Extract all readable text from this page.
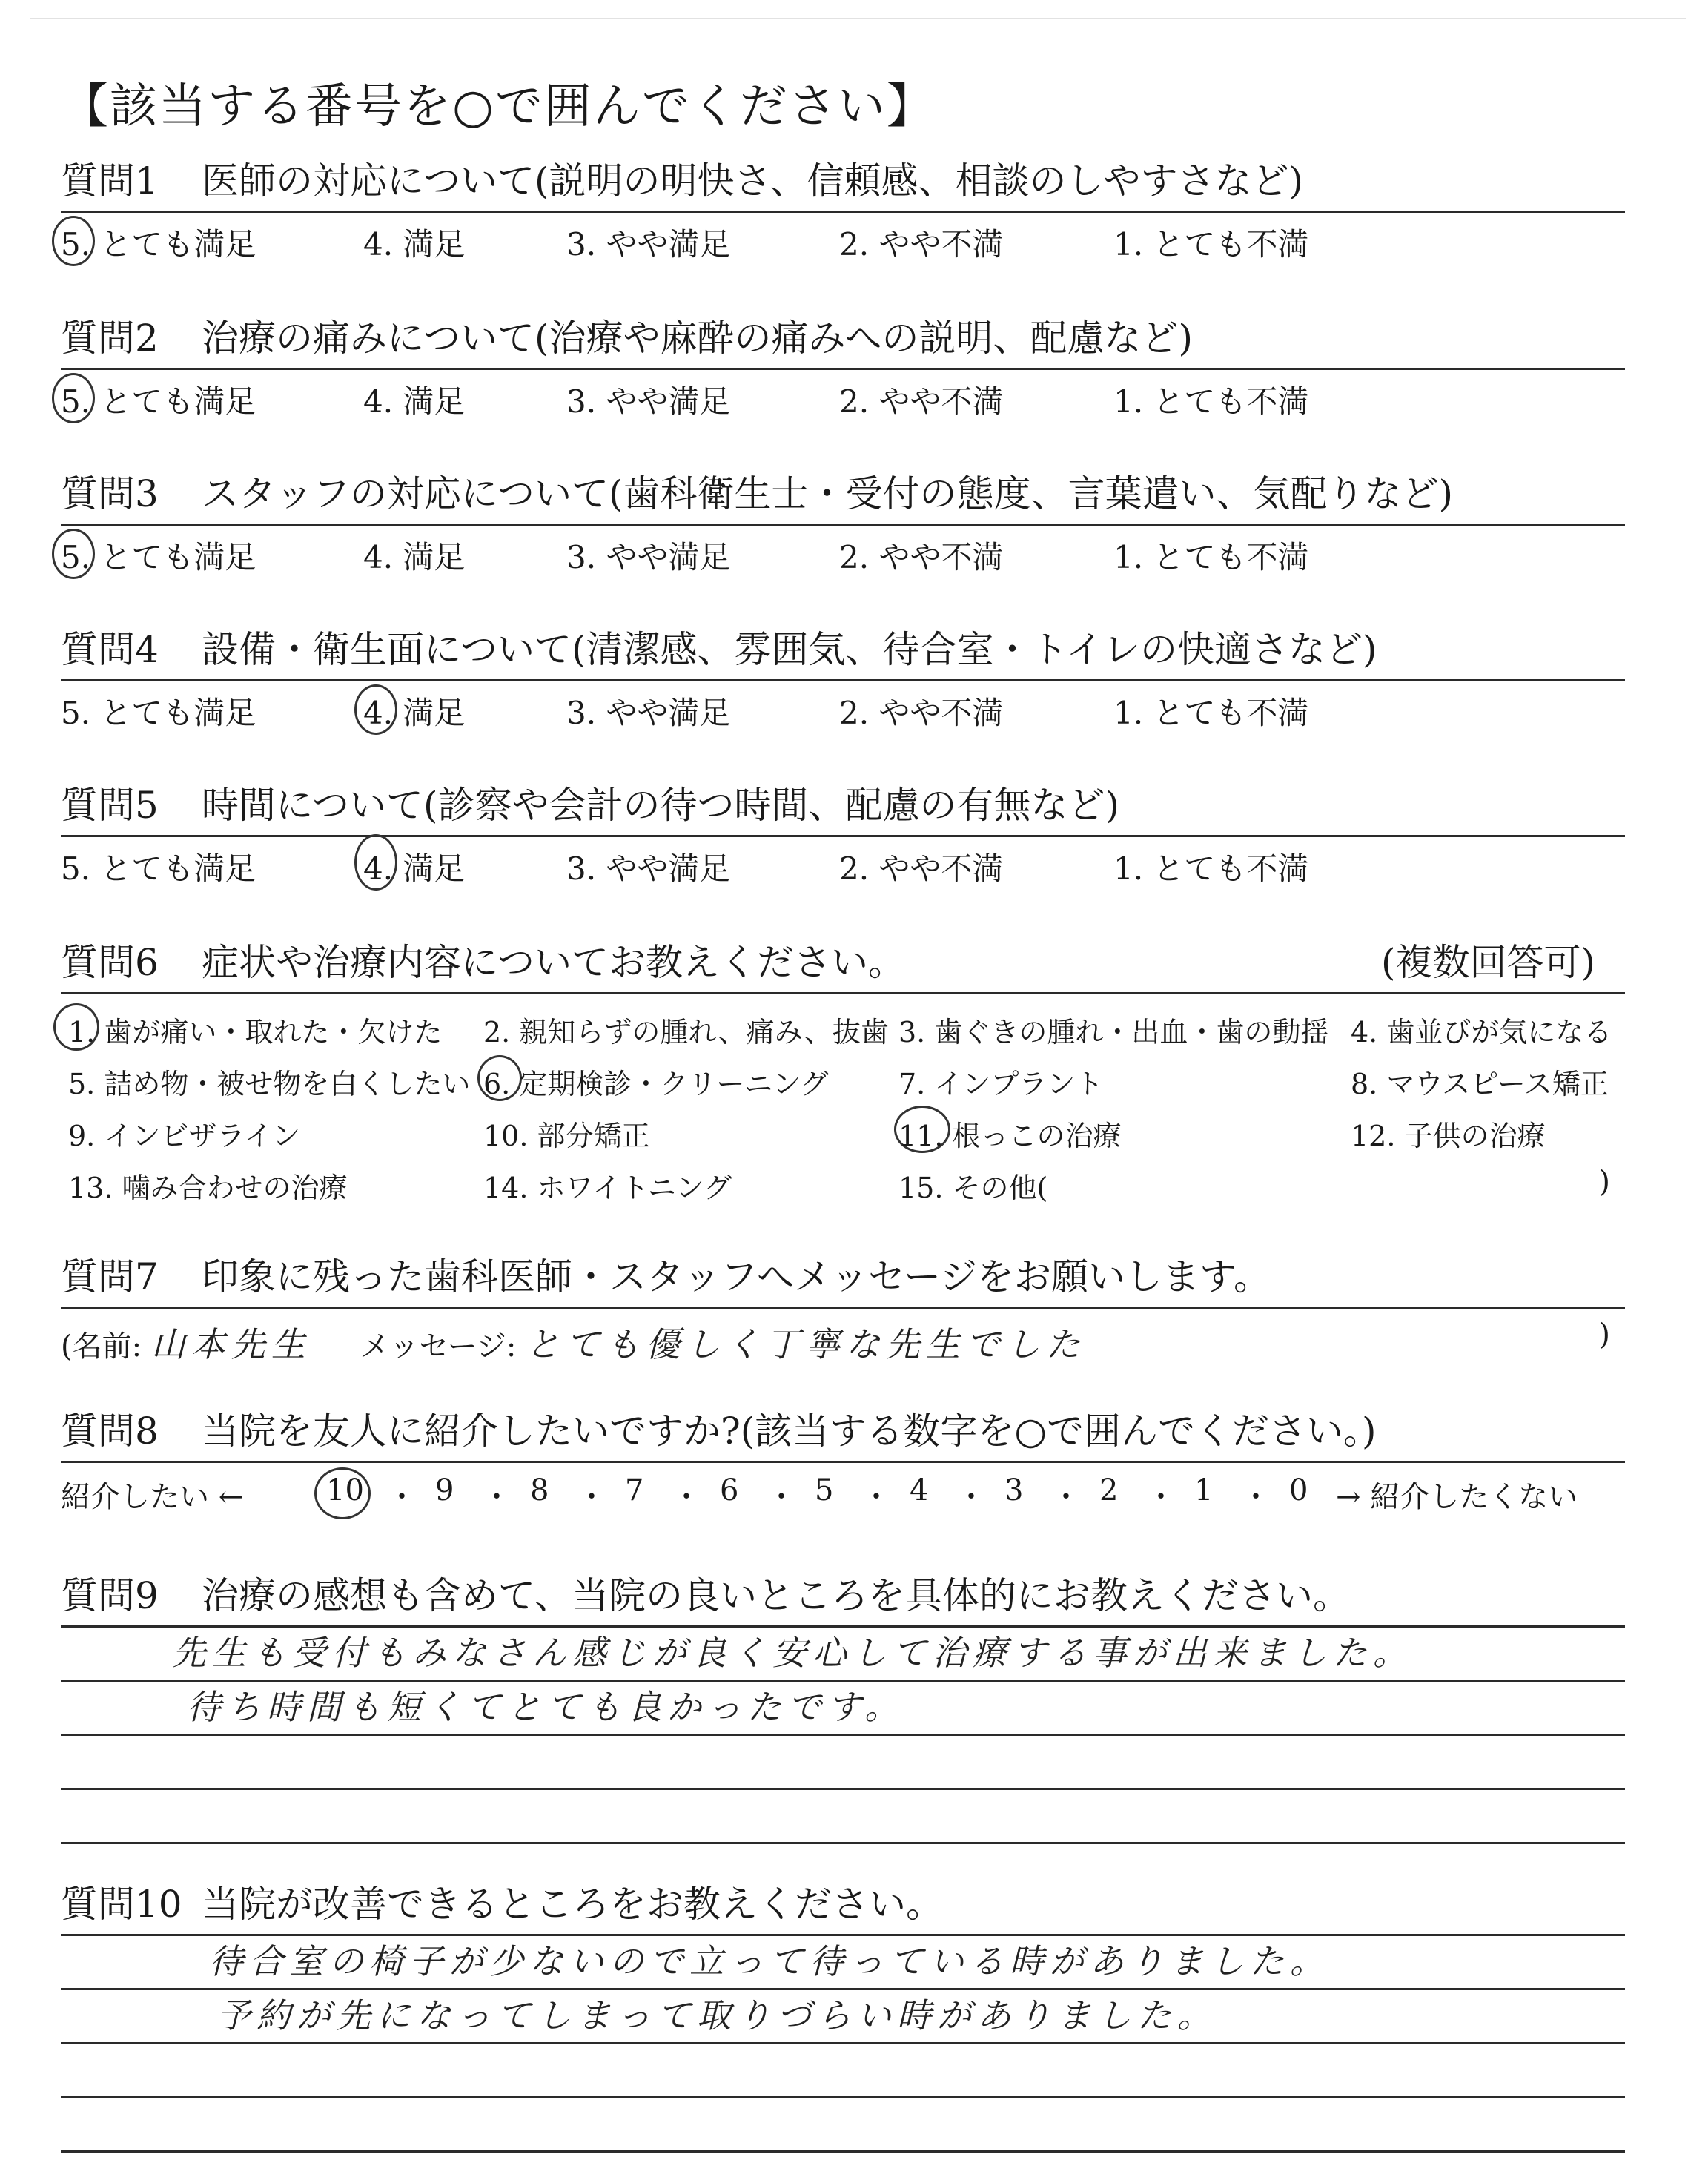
【該当する番号を○で囲んでください】
質問1 医師の対応について(説明の明快さ、信頼感、相談のしやすさなど)
5. とても満足	4. 満足	3. やや満足	2. やや不満	1. とても不満
質問2 治療の痛みについて(治療や麻酔の痛みへの説明、配慮など)
5. とても満足	4. 満足	3. やや満足	2. やや不満	1. とても不満
質問3 スタッフの対応について(歯科衛生士・受付の態度、言葉遣い、気配りなど)
5. とても満足	4. 満足	3. やや満足	2. やや不満	1. とても不満
質問4 設備・衛生面について(清潔感、雰囲気、待合室・トイレの快適さなど)
5. とても満足	4. 満足	3. やや満足	2. やや不満	1. とても不満
質問5 時間について(診察や会計の待つ時間、配慮の有無など)
5. とても満足	4. 満足	3. やや満足	2. やや不満	1. とても不満
質問6 症状や治療内容についてお教えください。	(複数回答可)
1. 歯が痛い・取れた・欠けた 2. 親知らずの腫れ、痛み、抜歯 3. 歯ぐきの腫れ・出血・歯の動揺 4. 歯並びが気になる
5. 詰め物・被せ物を白くしたい 6. 定期検診・クリーニング 7. インプラント	8. マウスピース矯正
9. インビザライン	10. 部分矯正	11. 根っこの治療	12. 子供の治療
13. 噛み合わせの治療	14. ホワイトニング	15. その他(	)
質問7 印象に残った歯科医師・スタッフへメッセージをお願いします。
(名前: 山本先生 メッセージ: とても優しく丁寧な先生でした	)
質問8 当院を友人に紹介したいですか?(該当する数字を○で囲んでください。)
紹介したい ←	10 ・ 9 ・ 8 ・ 7 ・ 6 ・ 5 ・ 4 ・ 3 ・ 2 ・ 1 ・ 0 → 紹介したくない
質問9 治療の感想も含めて、当院の良いところを具体的にお教えください。
先生も受付もみなさん感じが良く安心して治療する事が出来ました。
待ち時間も短くてとても良かったです。
質問10 当院が改善できるところをお教えください。
待合室の椅子が少ないので立って待っている時がありました。
予約が先になってしまって取りづらい時がありました。
